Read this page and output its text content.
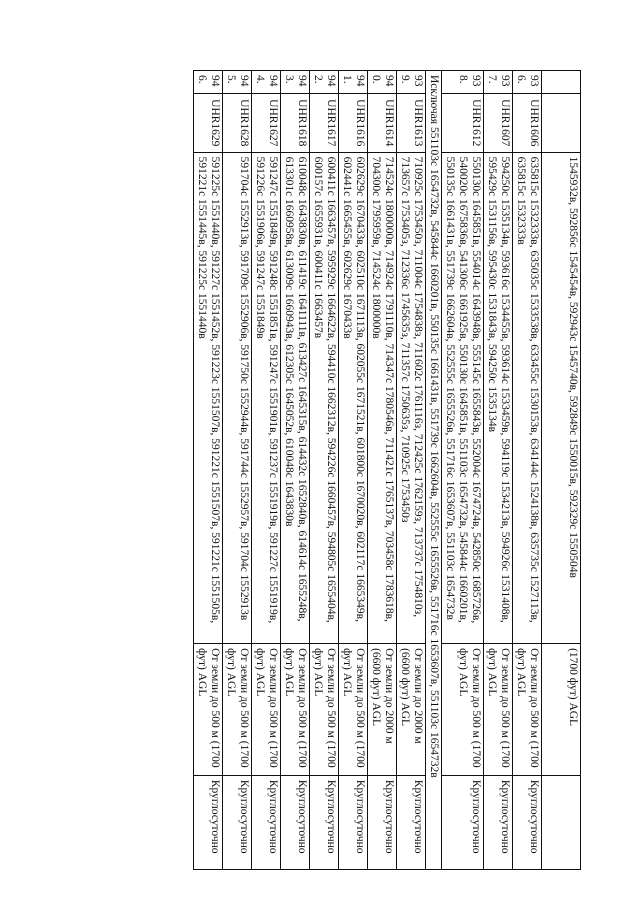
		1545932в, 592856с 1545454в, 592943с 1545740в, 592849с 1550015в, 592329с 1550504в	(1700 фут) AGL	
936.	UHR1606	635815с 1532333в, 635035с 1533538в, 633455с 1530153в, 634144с 1524138в, 635735с 1527113в, 635815с 1532333в	От земли до 500 м (1700 фут) AGL	Круглосуточно
937.	UHR1607	594250с 1535134в, 593616с 1534455в, 593614с 1533459в, 594119с 1534213в, 594926с 1531408в, 595429с 1531156в, 595430с 1531843в, 594250с 1535134в	От земли до 500 м (1700 фут) AGL	Круглосуточно
938.	UHR1612	550130с 1645851в, 554014с 1643948в, 555145с 1655843в, 552004с 1674724в, 542850с 1685726в, 540020с 1675836в, 541306с 1661925в, 550130с 1645851в, 551103с 1654732в, 545844с 1660201в, 550135с 1661431в, 551739с 1662604в, 552555с 1655526в, 551716с 1653607в, 551103с 1654732в	От земли до 500 м (1700 фут) AGL	Круглосуточно
Исключая 551103с 1654732в, 545844с 1660201в, 550135с 1661431в, 551739с 1662604в, 552555с 1655526в, 551716с 1653607в, 551103с 1654732в				
939.	UHR1613	710925с 1753450з, 711004с 1754838з, 711602с 1761116з, 712425с 1762159з, 713737с 1754810з, 713657с 1753405з, 712336с 1745635з, 711357с 1750635з, 710925с 1753450з	От земли до 2000 м (6600 фут) AGL	Круглосуточно
940.	UHR1614	714524с 1800000в, 714924с 1791110в, 714347с 1780546в, 711421с 1765137в, 703458с 1783618в, 704300с 1795959в, 714524с 1800000в	От земли до 2000 м (6600 фут) AGL	Круглосуточно
941.	UHR1616	602629с 1670433в, 602510с 1671113в, 602055с 1671521в, 601800с 1670020в, 602117с 1665349в, 602441с 1665455в, 602629с 1670433в	От земли до 500 м (1700 фут) AGL	Круглосуточно
942.	UHR1617	600411с 1663457в, 595929с 1664622в, 594410с 1662312в, 594226с 1660457в, 594805с 1655404в, 600157с 1655931в, 600411с 1663457в	От земли до 500 м (1700 фут) AGL	Круглосуточно
943.	UHR1618	610048с 1643830в, 611419с 1641111в, 613427с 1645315в, 614432с 1652840в, 614614с 1655248в, 613301с 1660958в, 613009с 1660943в, 612305с 1645052в, 610048с 1643830в	От земли до 500 м (1700 фут) AGL	Круглосуточно
944.	UHR1627	591247с 1551849в, 591248с 1551851в, 591247с 1551901в, 591237с 1551919в, 591227с 1551919в, 591226с 1551906в, 591247с 1551849в	От земли до 500 м (1700 фут) AGL	Круглосуточно
945.	UHR1628	591704с 1552913в, 591709с 1552906в, 591750с 1552944в, 591744с 1552957в, 591704с 1552913в	От земли до 500 м (1700 фут) AGL	Круглосуточно
946.	UHR1629	591225с 1551440в, 591227с 1551452в, 591223с 1551507в, 591221с 1551507в, 591221с 1551505в, 591221с 1551445в, 591225с 1551440в	От земли до 500 м (1700 фут) AGL	Круглосуточно
